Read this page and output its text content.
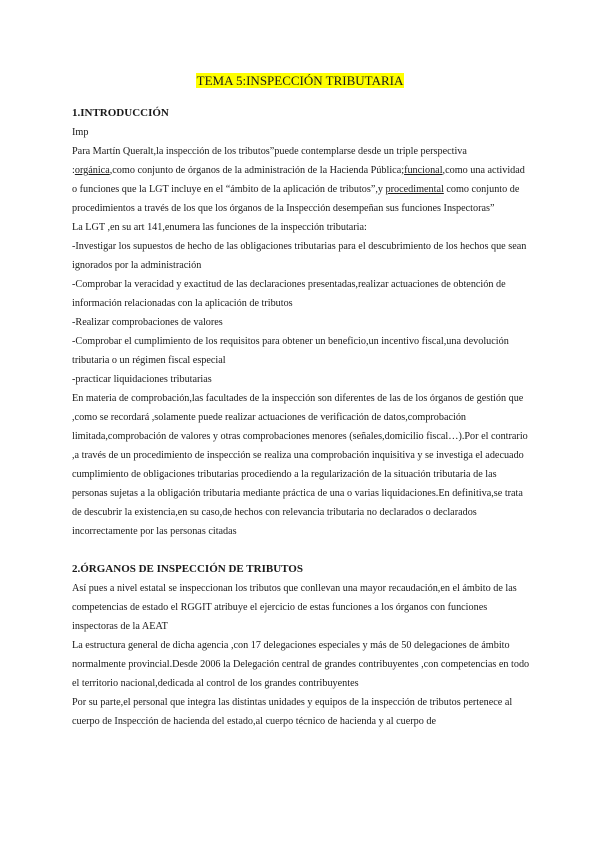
TEMA 5:INSPECCIÓN TRIBUTARIA
1.INTRODUCCIÓN
Imp
Para Martín Queralt,la inspección de los tributos”puede contemplarse desde un triple perspectiva :orgánica,como conjunto de órganos de la administración de la Hacienda Pública;funcional,como una actividad o funciones que la LGT incluye en el “ámbito de la aplicación de tributos”,y procedimental como conjunto de procedimientos a través de los que los órganos de la Inspección desempeñan sus funciones Inspectoras”
La LGT ,en su art 141,enumera las funciones de la inspección tributaria:
-Investigar los supuestos de hecho de las obligaciones tributarias para el descubrimiento de los hechos que sean ignorados por la administración
-Comprobar la veracidad y exactitud de las declaraciones presentadas,realizar actuaciones de obtención de información relacionadas con la aplicación de tributos
-Realizar comprobaciones de valores
-Comprobar el cumplimiento de los requisitos para obtener un beneficio,un incentivo fiscal,una devolución tributaria o un régimen fiscal especial
-practicar liquidaciones tributarias
En materia de comprobación,las facultades de la inspección son diferentes de las de los órganos de gestión que ,como se recordará ,solamente puede realizar actuaciones de verificación de datos,comprobación limitada,comprobación de valores y otras comprobaciones menores (señales,domicilio fiscal…).Por el contrario ,a través de un procedimiento de inspección se realiza una comprobación inquisitiva y se investiga el adecuado cumplimiento de obligaciones tributarias procediendo a la regularización de la situación tributaria de las personas sujetas a la obligación tributaria mediante práctica de una o varias liquidaciones.En definitiva,se trata de descubrir la existencia,en su caso,de hechos con relevancia tributaria no declarados o declarados incorrectamente por las personas citadas
2.ÓRGANOS DE INSPECCIÓN DE TRIBUTOS
Así pues a nivel estatal se inspeccionan los tributos que conllevan una mayor recaudación,en el ámbito de las competencias de estado el RGGIT atribuye el ejercicio de estas funciones a los órganos con funciones inspectoras de la AEAT
La estructura general de dicha agencia ,con 17 delegaciones especiales y más de 50 delegaciones de ámbito normalmente provincial.Desde 2006 la Delegación central de grandes contribuyentes ,con competencias en todo el territorio nacional,dedicada al control de los grandes contribuyentes
Por su parte,el personal que integra las distintas unidades y equipos de la inspección de tributos pertenece al cuerpo de Inspección de hacienda del estado,al cuerpo técnico de hacienda y al cuerpo de
